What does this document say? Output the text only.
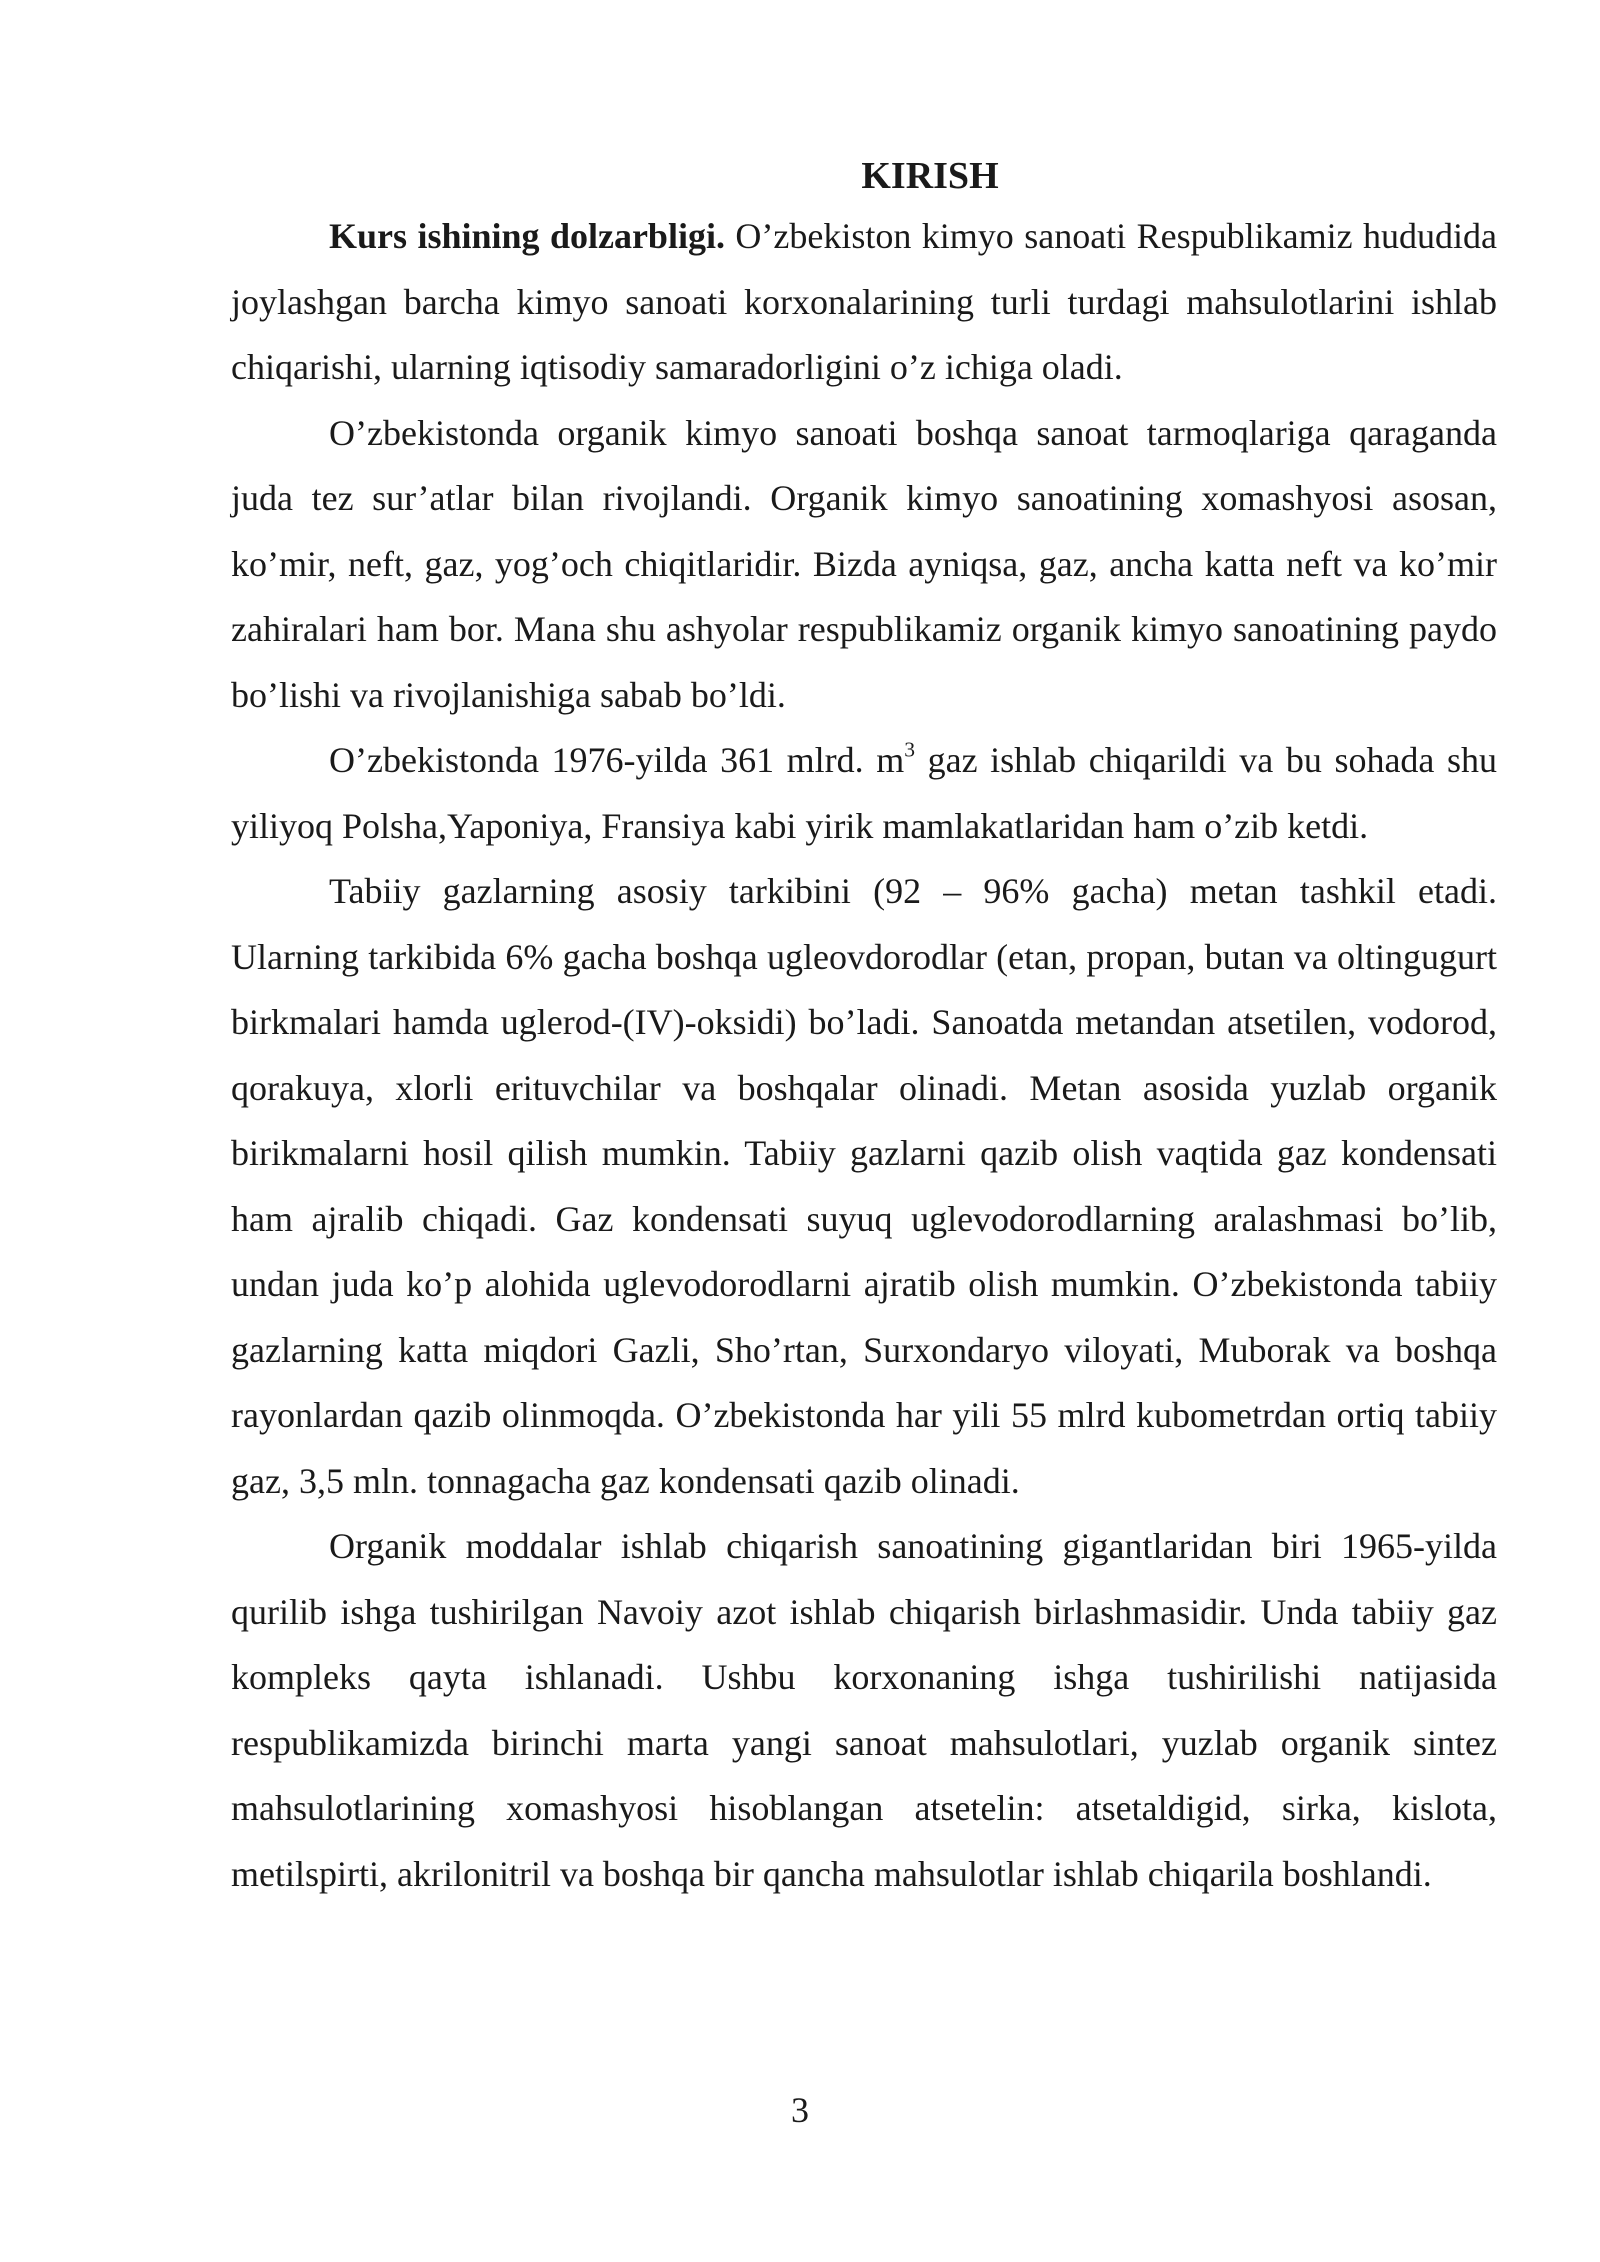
KIRISH

Kurs ishining dolzarbligi. O’zbekiston kimyo sanoati Respublikamiz hududida joylashgan barcha kimyo sanoati korxonalarining turli turdagi mahsulotlarini ishlab chiqarishi, ularning iqtisodiy samaradorligini o’z ichiga oladi.

O’zbekistonda organik kimyo sanoati boshqa sanoat tarmoqlariga qaraganda juda tez sur’atlar bilan rivojlandi. Organik kimyo sanoatining xomashyosi asosan, ko’mir, neft, gaz, yog’och chiqitlaridir. Bizda ayniqsa, gaz, ancha katta neft va ko’mir zahiralari ham bor. Mana shu ashyolar respublikamiz organik kimyo sanoatining paydo bo’lishi va rivojlanishiga sabab bo’ldi.

O’zbekistonda 1976-yilda 361 mlrd. $m^3$ gaz ishlab chiqarildi va bu sohada shu yiliyoq Polsha,Yaponiya, Fransiya kabi yirik mamlakatlaridan ham o’zib ketdi.

Tabiiy gazlarning asosiy tarkibini (92 – 96% gacha) metan tashkil etadi. Ularning tarkibida 6% gacha boshqa ugleovdorodlar (etan, propan, butan va oltingugurt birkmalari hamda uglerod-(IV)-oksidi) bo’ladi. Sanoatda metandan atsetilen, vodorod, qorakuya, xlorli erituvchilar va boshqalar olinadi. Metan asosida yuzlab organik birikmalarni hosil qilish mumkin. Tabiiy gazlarni qazib olish vaqtida gaz kondensati ham ajralib chiqadi. Gaz kondensati suyuq uglevodorodlarning aralashmasi bo’lib, undan juda ko’p alohida uglevodorodlarni ajratib olish mumkin. O’zbekistonda tabiiy gazlarning katta miqdori Gazli, Sho’rtan, Surxondaryo viloyati, Muborak va boshqa rayonlardan qazib olinmoqda. O’zbekistonda har yili 55 mlrd kubometrdan ortiq tabiiy gaz, 3,5 mln. tonnagacha gaz kondensati qazib olinadi.

Organik moddalar ishlab chiqarish sanoatining gigantlaridan biri 1965-yilda qurilib ishga tushirilgan Navoiy azot ishlab chiqarish birlashmasidir. Unda tabiiy gaz kompleks qayta ishlanadi. Ushbu korxonaning ishga tushirilishi natijasida respublikamizda birinchi marta yangi sanoat mahsulotlari, yuzlab organik sintez mahsulotlarining xomashyosi hisoblangan atsetelin: atsetaldigid, sirka, kislota, metilspirti, akrilonitril va boshqa bir qancha mahsulotlar ishlab chiqarila boshlandi.

3
